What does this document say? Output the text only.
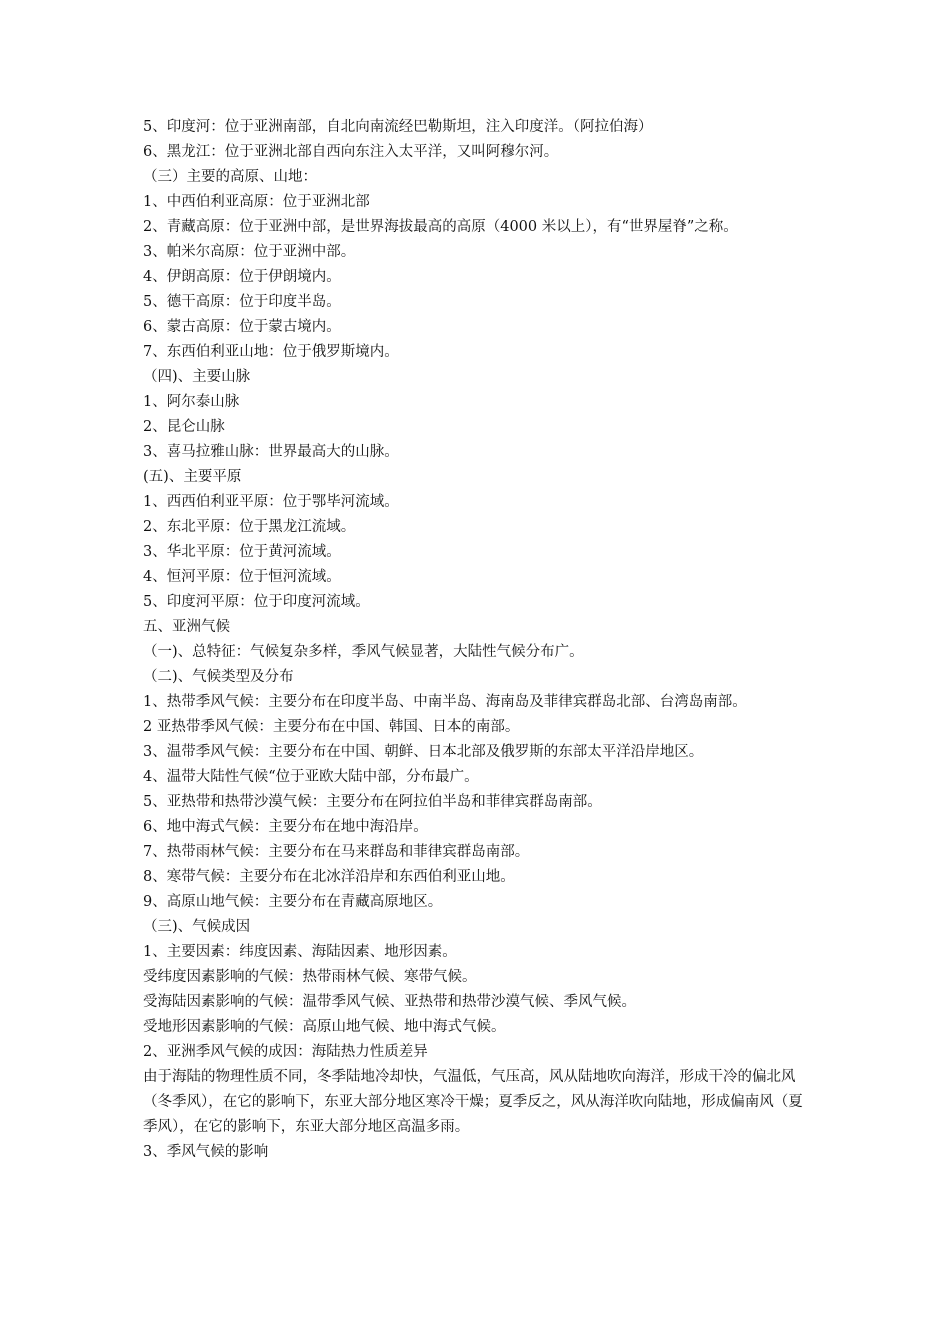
5、印度河：位于亚洲南部，自北向南流经巴勒斯坦，注入印度洋。（阿拉伯海）

6、黑龙江：位于亚洲北部自西向东注入太平洋，又叫阿穆尔河。

（三）主要的高原、山地：

1、中西伯利亚高原：位于亚洲北部

2、青藏高原：位于亚洲中部，是世界海拔最高的高原（4000 米以上），有“世界屋脊”之称。

3、帕米尔高原：位于亚洲中部。

4、伊朗高原：位于伊朗境内。

5、德干高原：位于印度半岛。

6、蒙古高原：位于蒙古境内。

7、东西伯利亚山地：位于俄罗斯境内。

（四)、主要山脉

1、阿尔泰山脉

2、昆仑山脉

3、喜马拉雅山脉：世界最高大的山脉。

(五)、主要平原

1、西西伯利亚平原：位于鄂毕河流域。

2、东北平原：位于黑龙江流域。

3、华北平原：位于黄河流域。

4、恒河平原：位于恒河流域。

5、印度河平原：位于印度河流域。

五、亚洲气候

（一)、总特征：气候复杂多样，季风气候显著，大陆性气候分布广。

（二)、气候类型及分布

1、热带季风气候：主要分布在印度半岛、中南半岛、海南岛及菲律宾群岛北部、台湾岛南部。

2 亚热带季风气候：主要分布在中国、韩国、日本的南部。

3、温带季风气候：主要分布在中国、朝鲜、日本北部及俄罗斯的东部太平洋沿岸地区。

4、温带大陆性气候“位于亚欧大陆中部，分布最广。

5、亚热带和热带沙漠气候：主要分布在阿拉伯半岛和菲律宾群岛南部。

6、地中海式气候：主要分布在地中海沿岸。

7、热带雨林气候：主要分布在马来群岛和菲律宾群岛南部。

8、寒带气候：主要分布在北冰洋沿岸和东西伯利亚山地。

9、高原山地气候：主要分布在青藏高原地区。

（三)、气候成因

1、主要因素：纬度因素、海陆因素、地形因素。

受纬度因素影响的气候：热带雨林气候、寒带气候。

受海陆因素影响的气候：温带季风气候、亚热带和热带沙漠气候、季风气候。

受地形因素影响的气候：高原山地气候、地中海式气候。

2、亚洲季风气候的成因：海陆热力性质差异

由于海陆的物理性质不同，冬季陆地冷却快，气温低，气压高，风从陆地吹向海洋，形成干冷的偏北风（冬季风），在它的影响下，东亚大部分地区寒冷干燥；夏季反之，风从海洋吹向陆地，形成偏南风（夏季风），在它的影响下，东亚大部分地区高温多雨。

3、季风气候的影响
